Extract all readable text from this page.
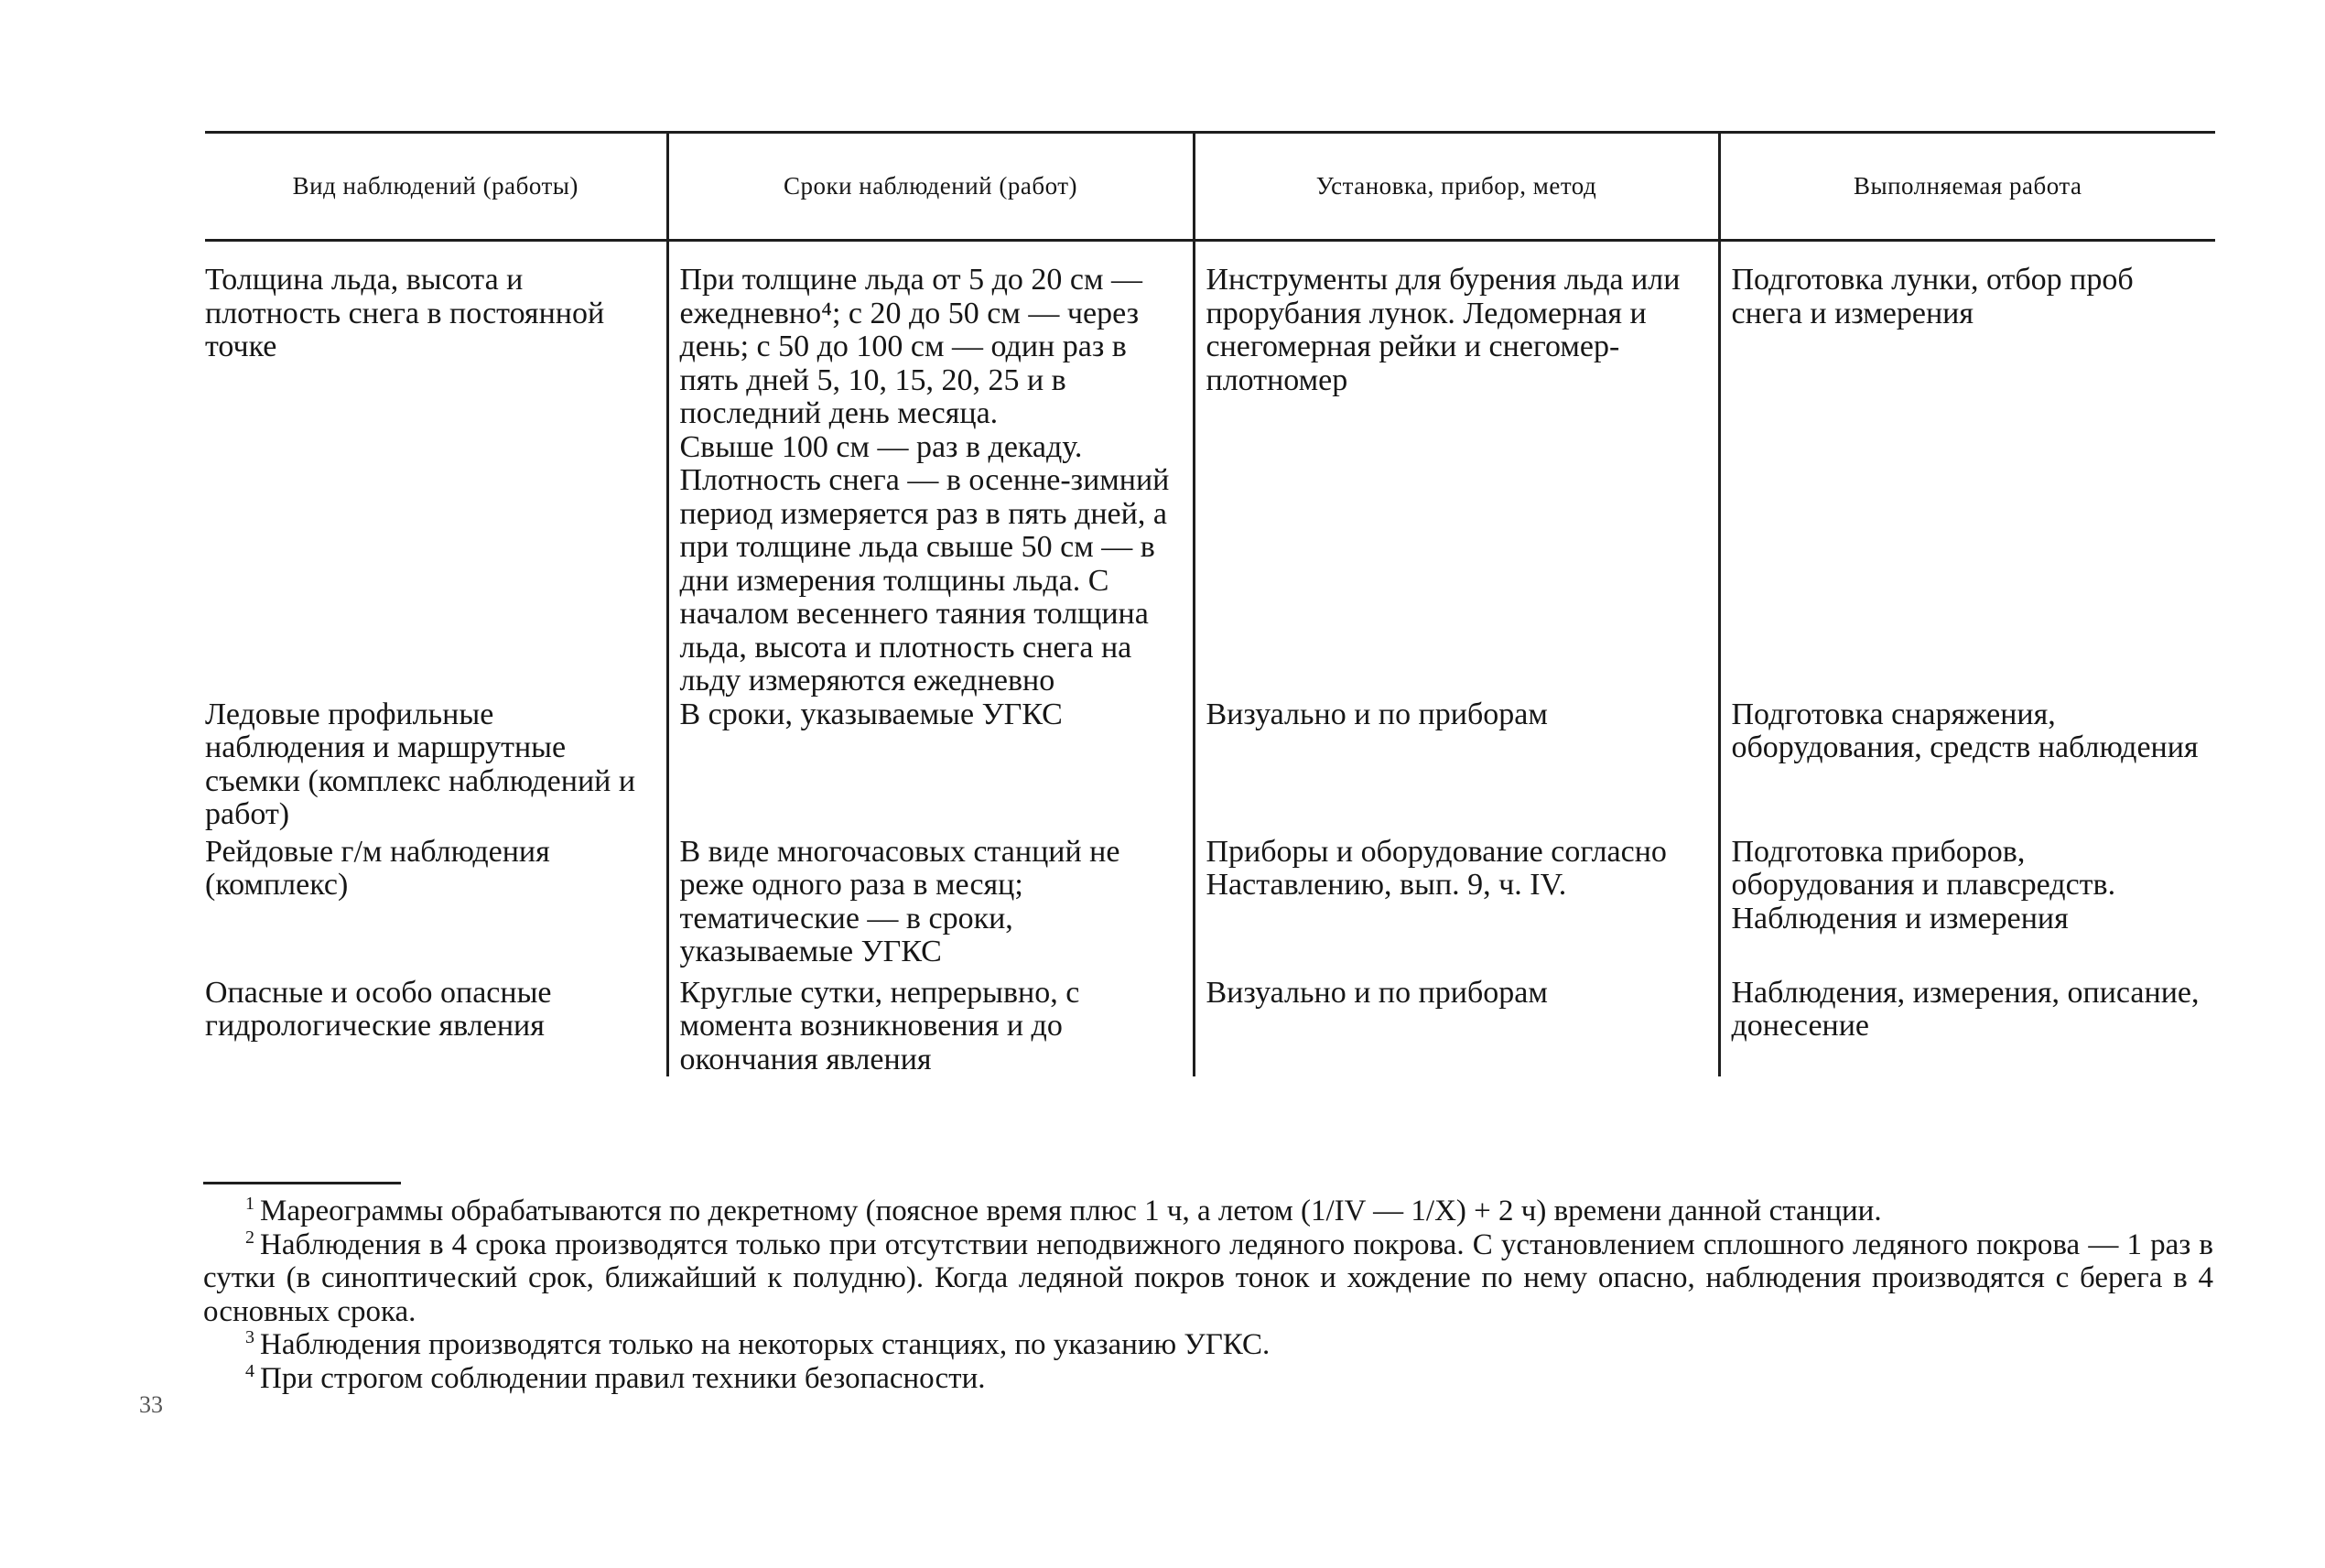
Вид наблюдений (работы)	Сроки наблюдений (работ)	Установка, прибор, метод	Выполняемая работа
Толщина льда, высота и плотность снега в постоянной точке	При толщине льда от 5 до 20 см — ежедневно⁴; с 20 до 50 см — через день; с 50 до 100 см — один раз в пять дней 5, 10, 15, 20, 25 и в последний день месяца.
Свыше 100 см — раз в декаду.
Плотность снега — в осенне-зимний период измеряется раз в пять дней, а при толщине льда свыше 50 см — в дни измерения толщины льда. С началом весеннего таяния толщина льда, высота и плотность снега на льду измеряются ежедневно	Инструменты для бурения льда или прорубания лунок. Ледомерная и снегомерная рейки и снегомер-плотномер	Подготовка лунки, отбор проб снега и измерения
Ледовые профильные наблюдения и маршрутные съемки (комплекс наблюдений и работ)	В сроки, указываемые УГКС	Визуально и по приборам	Подготовка снаряжения, оборудования, средств наблюдения
Рейдовые г/м наблюдения (комплекс)	В виде многочасовых станций не реже одного раза в месяц; тематические — в сроки, указываемые УГКС	Приборы и оборудование согласно Наставлению, вып. 9, ч. IV.	Подготовка приборов, оборудования и плавсредств. Наблюдения и измерения
Опасные и особо опасные гидрологические явления	Круглые сутки, непрерывно, с момента возникновения и до окончания явления	Визуально и по приборам	Наблюдения, измерения, описание, донесение
$^1$ Мареограммы обрабатываются по декретному (поясное время плюс 1 ч, а летом (1/IV — 1/X) + 2 ч) времени данной станции.
$^2$ Наблюдения в 4 срока производятся только при отсутствии неподвижного ледяного покрова. С установлением сплошного ледяного покрова — 1 раз в сутки (в синоптический срок, ближайший к полудню). Когда ледяной покров тонок и хождение по нему опасно, наблюдения производятся с берега в 4 основных срока.
$^3$ Наблюдения производятся только на некоторых станциях, по указанию УГКС.
$^4$ При строгом соблюдении правил техники безопасности.
33
